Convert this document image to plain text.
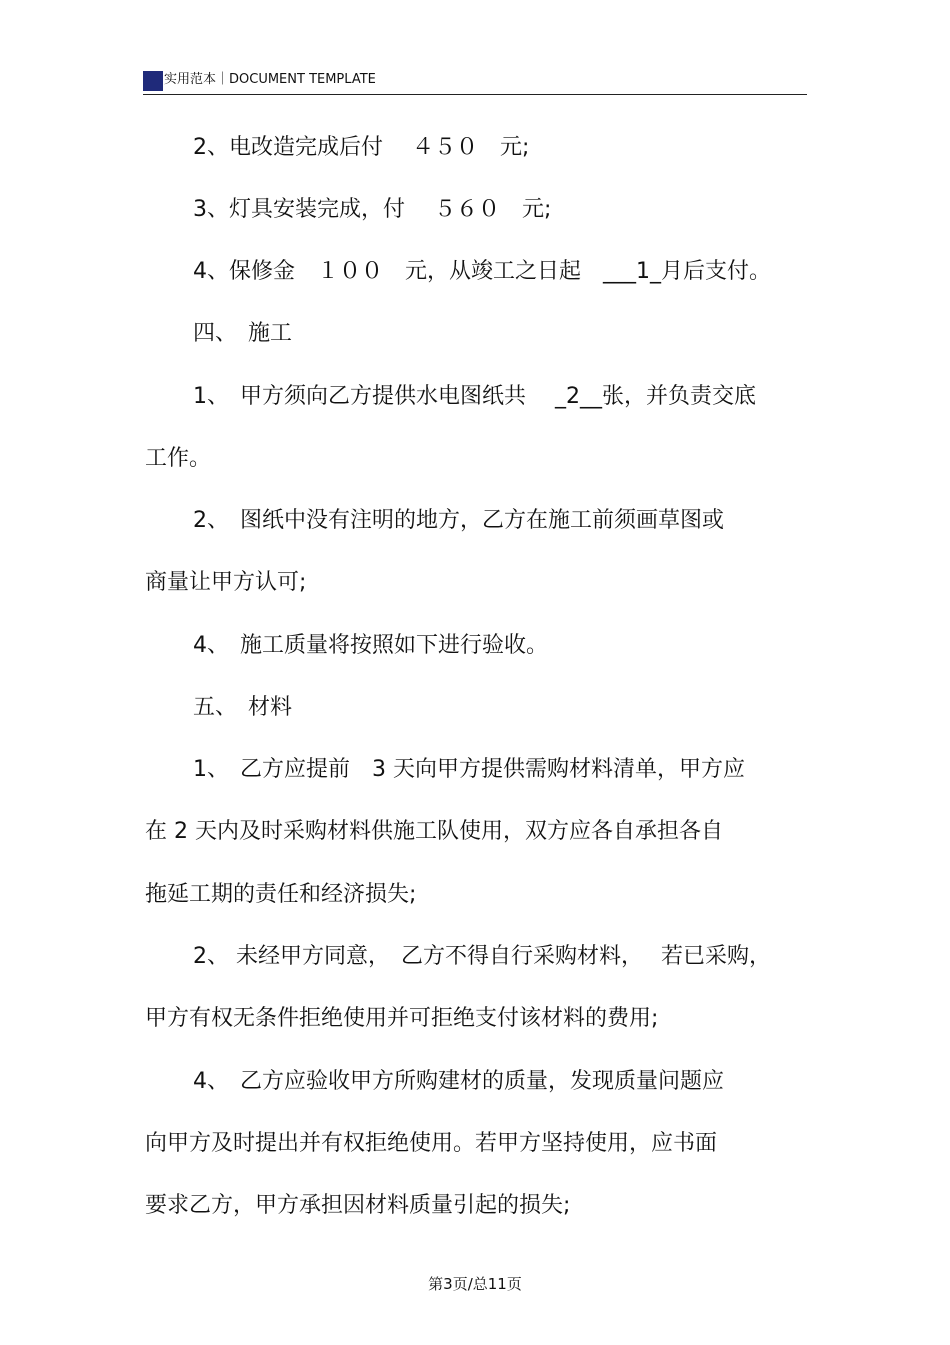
实用范本｜DOCUMENT TEMPLATE
2、电改造完成后付　 ４５０　元;
3、灯具安装完成，付　 ５６０　元;
4、保修金　１００　元，从竣工之日起　___1_月后支付。
四、　施工
1、　甲方须向乙方提供水电图纸共　 _2__张，并负责交底
工作。
2、　图纸中没有注明的地方，乙方在施工前须画草图或
商量让甲方认可;
4、　施工质量将按照如下进行验收。
五、　材料
1、　乙方应提前　3 天向甲方提供需购材料清单，甲方应
在 2 天内及时采购材料供施工队使用，双方应各自承担各自
拖延工期的责任和经济损失;
2、 未经甲方同意，　乙方不得自行采购材料，　 若已采购，
甲方有权无条件拒绝使用并可拒绝支付该材料的费用;
4、　乙方应验收甲方所购建材的质量，发现质量问题应
向甲方及时提出并有权拒绝使用。若甲方坚持使用，应书面
要求乙方，甲方承担因材料质量引起的损失;
第3页/总11页
